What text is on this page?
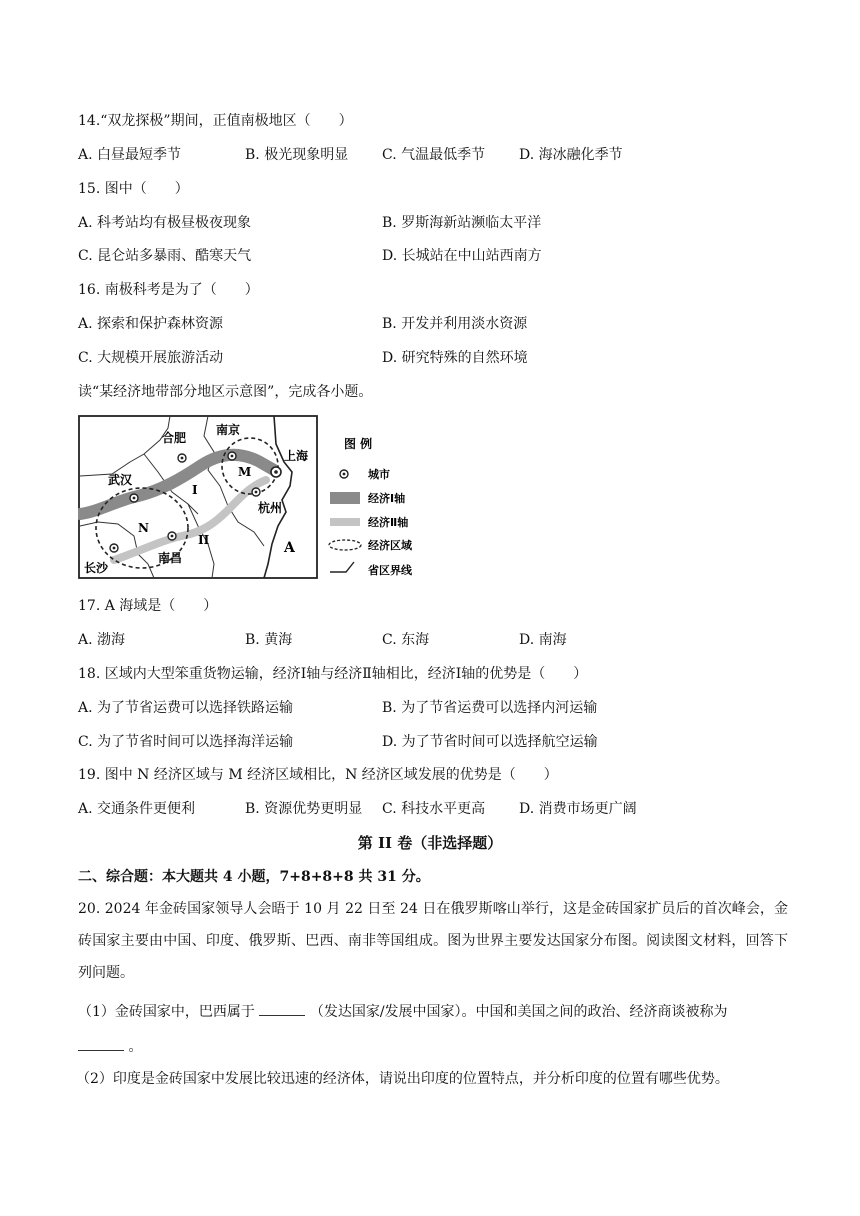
14.“双龙探极”期间，正值南极地区（　　）
A. 白昼最短季节	B. 极光现象明显 C. 气温最低季节 D. 海冰融化季节
15. 图中（　　）
A. 科考站均有极昼极夜现象	B. 罗斯海新站濒临太平洋
C. 昆仑站多暴雨、酷寒天气	D. 长城站在中山站西南方
16. 南极科考是为了（　　）
A. 探索和保护森林资源	B. 开发并利用淡水资源
C. 大规模开展旅游活动	D. 研究特殊的自然环境
读“某经济地带部分地区示意图”，完成各小题。
合肥
南京
上海
武汉
杭州
长沙
南昌
M
N
I
II	A
图 例
城市
经济Ⅰ轴
经济Ⅱ轴
经济区域
省区界线
17. A 海域是（　　）
A. 渤海	B. 黄海	C. 东海	D. 南海
18. 区域内大型笨重货物运输，经济Ⅰ轴与经济Ⅱ轴相比，经济Ⅰ轴的优势是（　　）
A. 为了节省运费可以选择铁路运输	B. 为了节省运费可以选择内河运输
C. 为了节省时间可以选择海洋运输	D. 为了节省时间可以选择航空运输
19. 图中 N 经济区域与 M 经济区域相比，N 经济区域发展的优势是（　　）
A. 交通条件更便利	B. 资源优势更明显 C. 科技水平更高 D. 消费市场更广阔
第 II 卷（非选择题）
二、综合题：本大题共 4 小题，7+8+8+8 共 31 分。
20. 2024 年金砖国家领导人会晤于 10 月 22 日至 24 日在俄罗斯喀山举行，这是金砖国家扩员后的首次峰会，金砖国家主要由中国、印度、俄罗斯、巴西、南非等国组成。图为世界主要发达国家分布图。阅读图文材料，回答下列问题。
（1）金砖国家中，巴西属于	（发达国家/发展中国家）。中国和美国之间的政治、经济商谈被称为
。
（2）印度是金砖国家中发展比较迅速的经济体，请说出印度的位置特点，并分析印度的位置有哪些优势。
